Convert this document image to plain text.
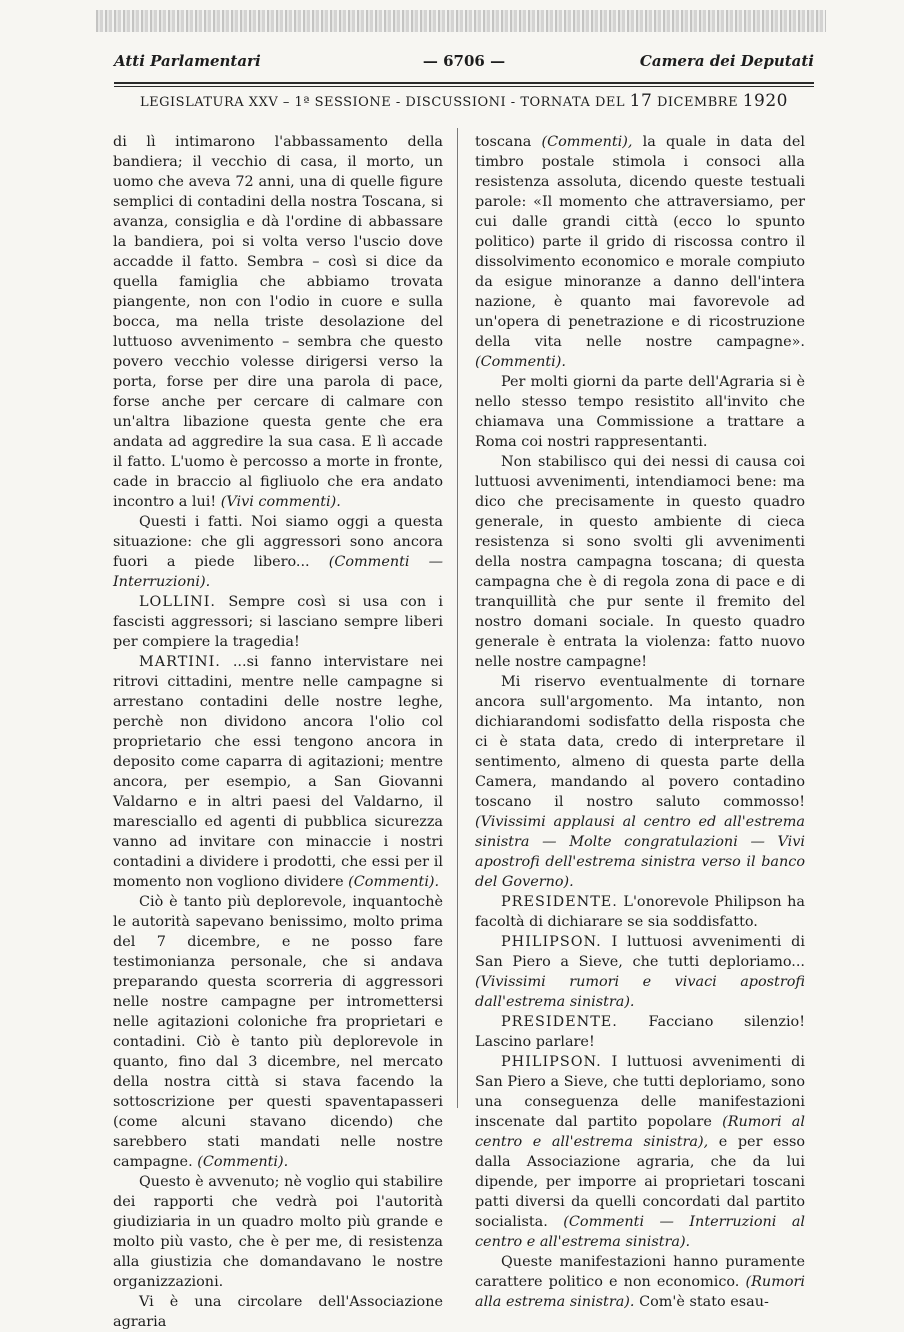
Atti Parlamentari	— 6706 —	Camera dei Deputati
LEGISLATURA XXV – 1ª SESSIONE - DISCUSSIONI - TORNATA DEL 17 DICEMBRE 1920

di lì intimarono l'abbassamento della bandiera; il vecchio di casa, il morto, un uomo che aveva 72 anni, una di quelle figure semplici di contadini della nostra Toscana, si avanza, consiglia e dà l'ordine di abbassare la bandiera, poi si volta verso l'uscio dove accadde il fatto. Sembra – così si dice da quella famiglia che abbiamo trovata piangente, non con l'odio in cuore e sulla bocca, ma nella triste desolazione del luttuoso avvenimento – sembra che questo povero vecchio volesse dirigersi verso la porta, forse per dire una parola di pace, forse anche per cercare di calmare con un'altra libazione questa gente che era andata ad aggredire la sua casa. E lì accade il fatto. L'uomo è percosso a morte in fronte, cade in braccio al figliuolo che era andato incontro a lui! (Vivi commenti).

Questi i fatti. Noi siamo oggi a questa situazione: che gli aggressori sono ancora fuori a piede libero... (Commenti — Interruzioni).

LOLLINI. Sempre così si usa con i fascisti aggressori; si lasciano sempre liberi per compiere la tragedia!

MARTINI. ...si fanno intervistare nei ritrovi cittadini, mentre nelle campagne si arrestano contadini delle nostre leghe, perchè non dividono ancora l'olio col proprietario che essi tengono ancora in deposito come caparra di agitazioni; mentre ancora, per esempio, a San Giovanni Valdarno e in altri paesi del Valdarno, il maresciallo ed agenti di pubblica sicurezza vanno ad invitare con minaccie i nostri contadini a dividere i prodotti, che essi per il momento non vogliono dividere (Commenti).

Ciò è tanto più deplorevole, inquantochè le autorità sapevano benissimo, molto prima del 7 dicembre, e ne posso fare testimonianza personale, che si andava preparando questa scorreria di aggressori nelle nostre campagne per intromettersi nelle agitazioni coloniche fra proprietari e contadini. Ciò è tanto più deplorevole in quanto, fino dal 3 dicembre, nel mercato della nostra città si stava facendo la sottoscrizione per questi spaventapasseri (come alcuni stavano dicendo) che sarebbero stati mandati nelle nostre campagne. (Commenti).

Questo è avvenuto; nè voglio qui stabilire dei rapporti che vedrà poi l'autorità giudiziaria in un quadro molto più grande e molto più vasto, che è per me, di resistenza alla giustizia che domandavano le nostre organizzazioni.

Vi è una circolare dell'Associazione agraria

toscana (Commenti), la quale in data del timbro postale stimola i consoci alla resistenza assoluta, dicendo queste testuali parole: «Il momento che attraversiamo, per cui dalle grandi città (ecco lo spunto politico) parte il grido di riscossa contro il dissolvimento economico e morale compiuto da esigue minoranze a danno dell'intera nazione, è quanto mai favorevole ad un'opera di penetrazione e di ricostruzione della vita nelle nostre campagne». (Commenti).

Per molti giorni da parte dell'Agraria si è nello stesso tempo resistito all'invito che chiamava una Commissione a trattare a Roma coi nostri rappresentanti.

Non stabilisco qui dei nessi di causa coi luttuosi avvenimenti, intendiamoci bene: ma dico che precisamente in questo quadro generale, in questo ambiente di cieca resistenza si sono svolti gli avvenimenti della nostra campagna toscana; di questa campagna che è di regola zona di pace e di tranquillità che pur sente il fremito del nostro domani sociale. In questo quadro generale è entrata la violenza: fatto nuovo nelle nostre campagne!

Mi riservo eventualmente di tornare ancora sull'argomento. Ma intanto, non dichiarandomi sodisfatto della risposta che ci è stata data, credo di interpretare il sentimento, almeno di questa parte della Camera, mandando al povero contadino toscano il nostro saluto commosso! (Vivissimi applausi al centro ed all'estrema sinistra — Molte congratulazioni — Vivi apostrofi dell'estrema sinistra verso il banco del Governo).

PRESIDENTE. L'onorevole Philipson ha facoltà di dichiarare se sia soddisfatto.

PHILIPSON. I luttuosi avvenimenti di San Piero a Sieve, che tutti deploriamo... (Vivissimi rumori e vivaci apostrofi dall'estrema sinistra).

PRESIDENTE. Facciano silenzio! Lascino parlare!

PHILIPSON. I luttuosi avvenimenti di San Piero a Sieve, che tutti deploriamo, sono una conseguenza delle manifestazioni inscenate dal partito popolare (Rumori al centro e all'estrema sinistra), e per esso dalla Associazione agraria, che da lui dipende, per imporre ai proprietari toscani patti diversi da quelli concordati dal partito socialista. (Commenti — Interruzioni al centro e all'estrema sinistra).

Queste manifestazioni hanno puramente carattere politico e non economico. (Rumori alla estrema sinistra). Com'è stato esau-
